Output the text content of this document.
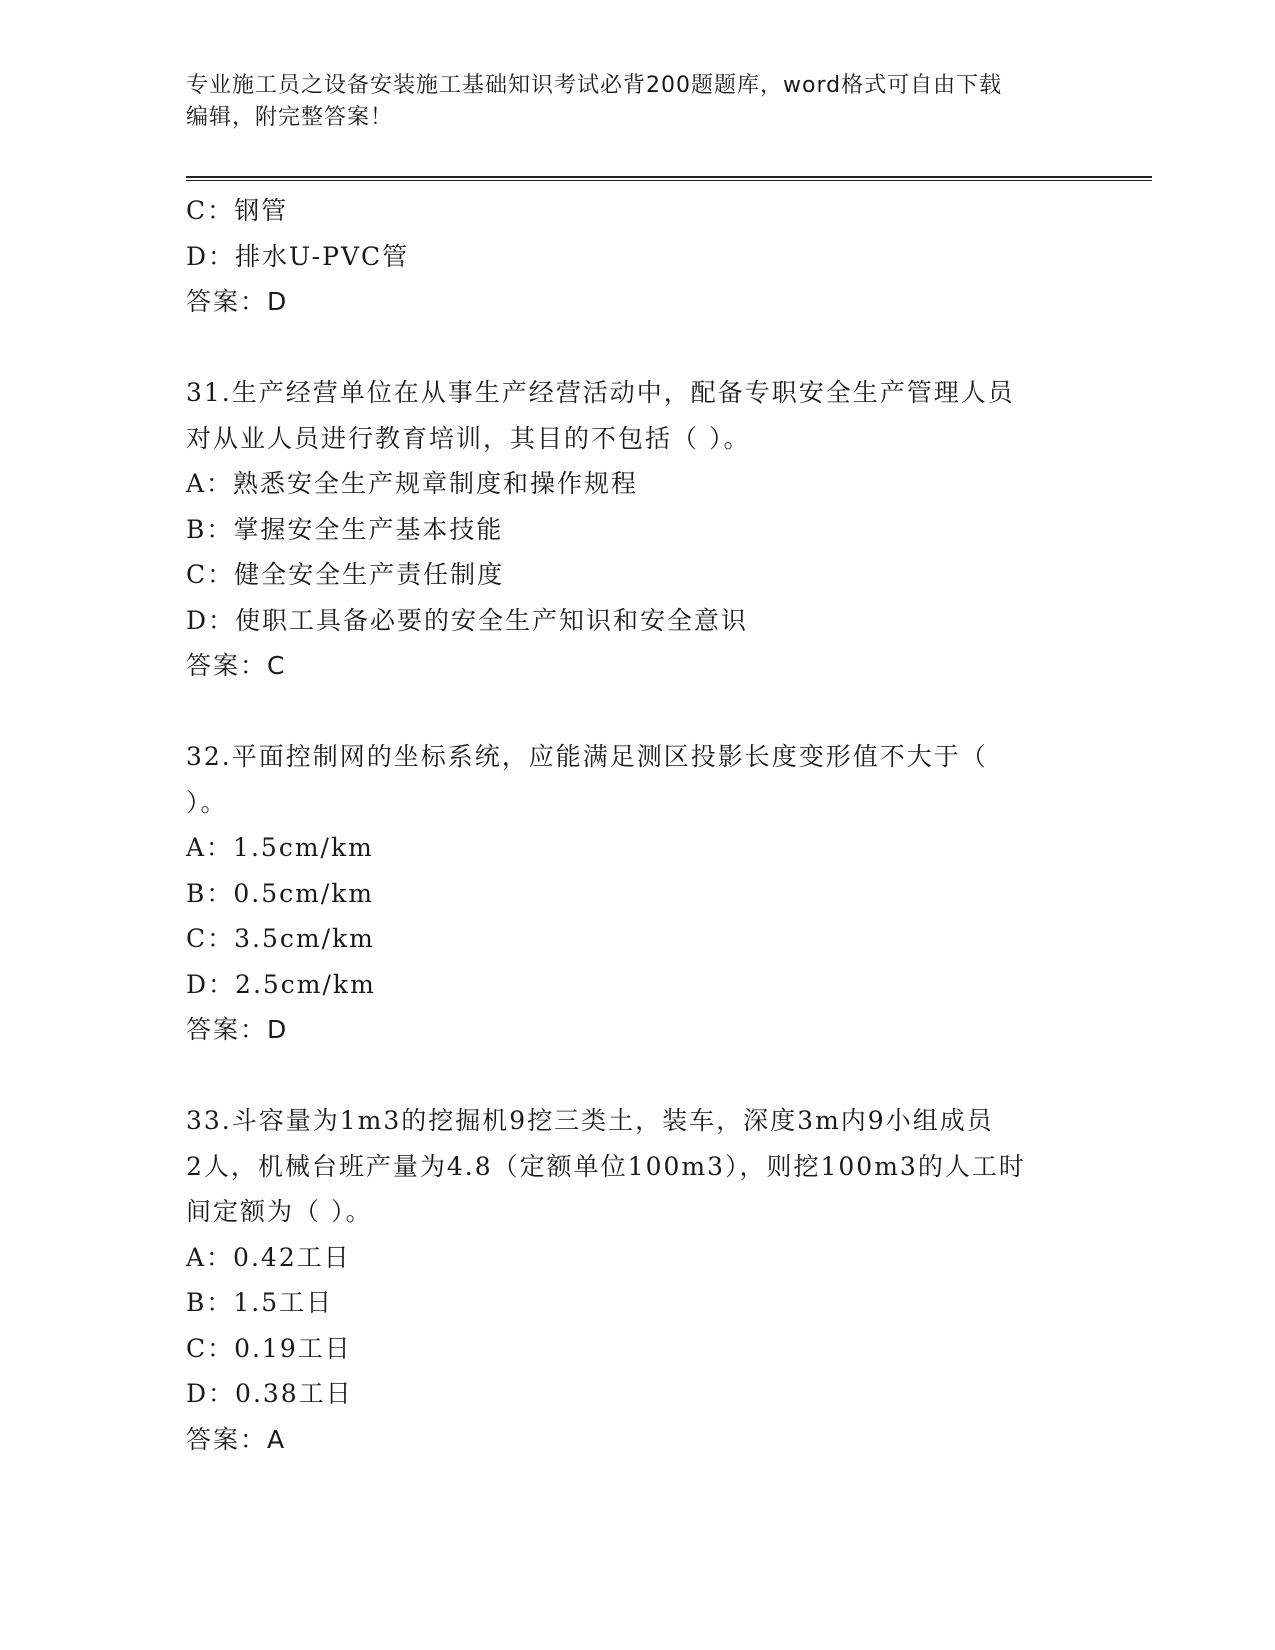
专业施工员之设备安装施工基础知识考试必背200题题库，word格式可自由下载
编辑，附完整答案！
C：钢管
D：排水U-PVC管
答案：D
31.生产经营单位在从事生产经营活动中，配备专职安全生产管理人员
对从业人员进行教育培训，其目的不包括（ ）。
A：熟悉安全生产规章制度和操作规程
B：掌握安全生产基本技能
C：健全安全生产责任制度
D：使职工具备必要的安全生产知识和安全意识
答案：C
32.平面控制网的坐标系统，应能满足测区投影长度变形值不大于（
）。
A：1.5cm/km
B：0.5cm/km
C：3.5cm/km
D：2.5cm/km
答案：D
33.斗容量为1m3的挖掘机9挖三类土，装车，深度3m内9小组成员
2人，机械台班产量为4.8（定额单位100m3），则挖100m3的人工时
间定额为（ ）。
A：0.42工日
B：1.5工日
C：0.19工日
D：0.38工日
答案：A
